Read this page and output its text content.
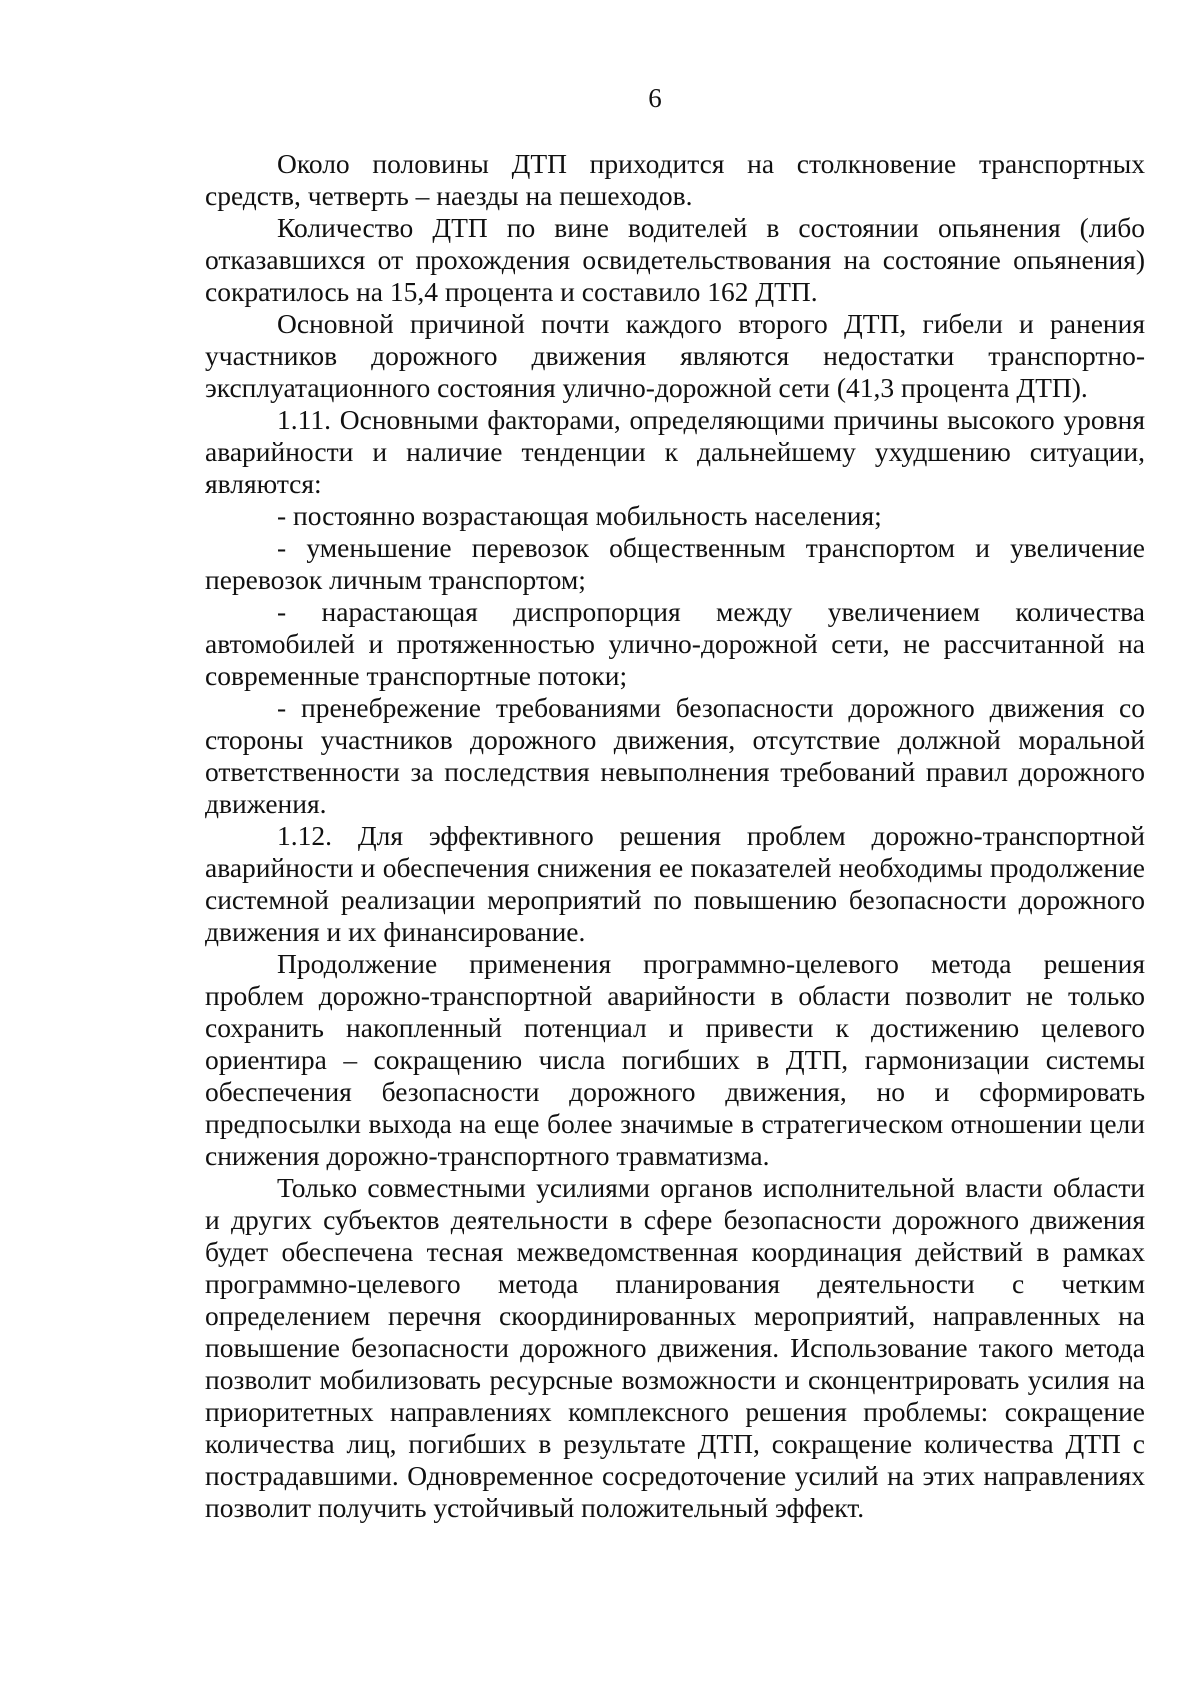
6

Около половины ДТП приходится на столкновение транспортных средств, четверть – наезды на пешеходов.

Количество ДТП по вине водителей в состоянии опьянения (либо отказавшихся от прохождения освидетельствования на состояние опьянения) сократилось на 15,4 процента и составило 162 ДТП.

Основной причиной почти каждого второго ДТП, гибели и ранения участников дорожного движения являются недостатки транспортно-эксплуатационного состояния улично-дорожной сети (41,3 процента ДТП).

1.11. Основными факторами, определяющими причины высокого уровня аварийности и наличие тенденции к дальнейшему ухудшению ситуации, являются:

- постоянно возрастающая мобильность населения;

- уменьшение перевозок общественным транспортом и увеличение перевозок личным транспортом;

- нарастающая диспропорция между увеличением количества автомобилей и протяженностью улично-дорожной сети, не рассчитанной на современные транспортные потоки;

- пренебрежение требованиями безопасности дорожного движения со стороны участников дорожного движения, отсутствие должной моральной ответственности за последствия невыполнения требований правил дорожного движения.

1.12. Для эффективного решения проблем дорожно-транспортной аварийности и обеспечения снижения ее показателей необходимы продолжение системной реализации мероприятий по повышению безопасности дорожного движения и их финансирование.

Продолжение применения программно-целевого метода решения проблем дорожно-транспортной аварийности в области позволит не только сохранить накопленный потенциал и привести к достижению целевого ориентира – сокращению числа погибших в ДТП, гармонизации системы обеспечения безопасности дорожного движения, но и сформировать предпосылки выхода на еще более значимые в стратегическом отношении цели снижения дорожно-транспортного травматизма.

Только совместными усилиями органов исполнительной власти области и других субъектов деятельности в сфере безопасности дорожного движения будет обеспечена тесная межведомственная координация действий в рамках программно-целевого метода планирования деятельности с четким определением перечня скоординированных мероприятий, направленных на повышение безопасности дорожного движения. Использование такого метода позволит мобилизовать ресурсные возможности и сконцентрировать усилия на приоритетных направлениях комплексного решения проблемы: сокращение количества лиц, погибших в результате ДТП, сокращение количества ДТП с пострадавшими. Одновременное сосредоточение усилий на этих направлениях позволит получить устойчивый положительный эффект.
